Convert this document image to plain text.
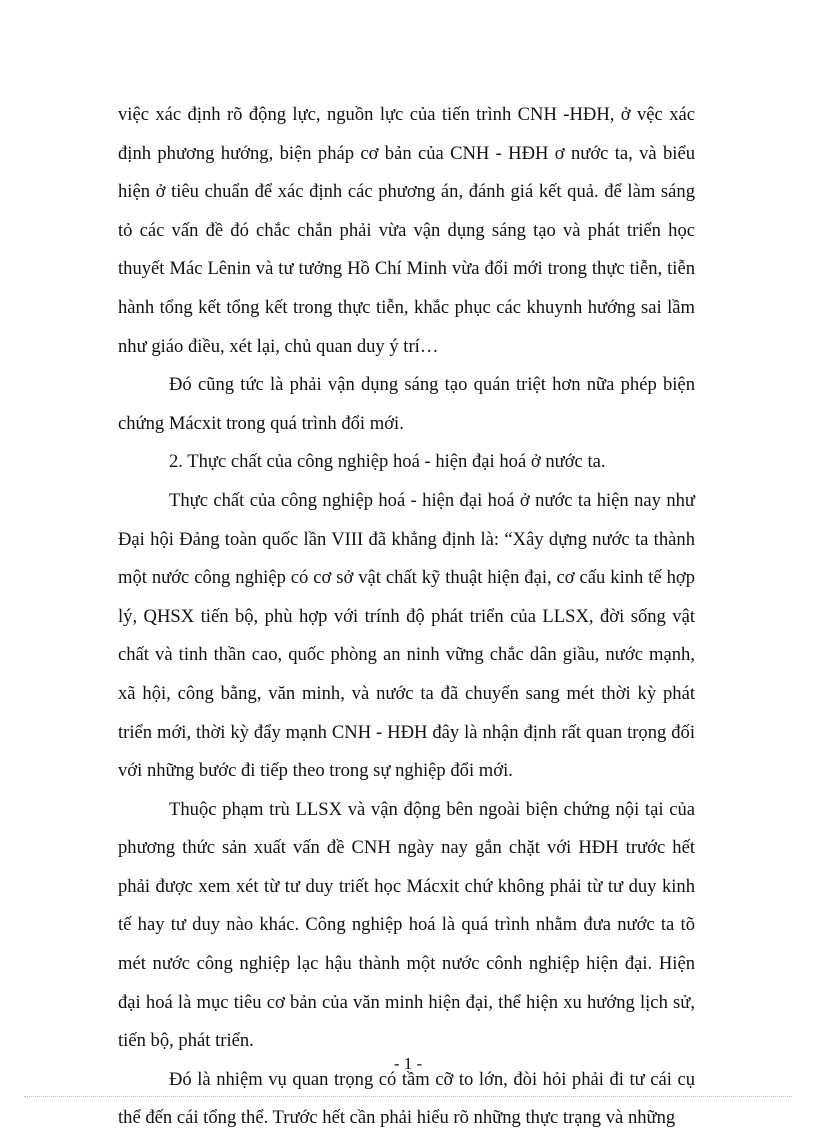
việc xác định rõ động lực, nguồn lực của tiến trình CNH -HĐH, ở vệc xác định phương hướng, biện pháp cơ bản của CNH - HĐH ơ nước ta, và biểu hiện ở tiêu chuẩn để xác định các phương án, đánh giá kết quả. để làm sáng tỏ các vấn đề đó chắc chắn phải vừa vận dụng sáng tạo và phát triển học thuyết Mác Lênin và tư tưởng Hồ Chí Minh vừa đổi mới trong thực tiễn, tiễn hành tổng kết tổng kết trong thực tiễn, khắc phục các khuynh hướng sai lầm như giáo điều, xét lại, chủ quan duy ý trí…

Đó cũng tức là phải vận dụng sáng tạo quán triệt hơn nữa phép biện chứng Mácxit trong quá trình đổi mới.

2. Thực chất của công nghiệp hoá - hiện đại hoá ở nước ta.

Thực chất của công nghiệp hoá - hiện đại hoá ở nước ta hiện nay như Đại hội Đảng toàn quốc lần VIII đã khẳng định là: “Xây dựng nước ta thành một nước công nghiệp có cơ sở vật chất kỹ thuật hiện đại, cơ cấu kinh tế hợp lý, QHSX tiến bộ, phù hợp với trính độ phát triển của LLSX, đời sống vật chất và tinh thần cao, quốc phòng an ninh vững chắc dân giầu, nước mạnh, xã hội, công bằng, văn minh, và nước ta đã chuyển sang mét thời kỳ phát triển mới, thời kỳ đẩy mạnh CNH - HĐH đây là nhận định rất quan trọng đối với những bước đi tiếp theo trong sự nghiệp đổi mới.

Thuộc phạm trù LLSX và vận động bên ngoài biện chứng nội tại của phương thức sản xuất vấn đề CNH ngày nay gắn chặt với HĐH trước hết phải được xem xét từ tư duy triết học Mácxit chứ không phải từ tư duy kinh tế hay tư duy nào khác. Công nghiệp hoá là quá trình nhằm đưa nước ta tõ mét nước công nghiệp lạc hậu thành một nước cônh nghiệp hiện đại. Hiện đại hoá là mục tiêu cơ bản của văn minh hiện đại, thể hiện xu hướng lịch sử, tiến bộ, phát triển.

Đó là nhiệm vụ quan trọng có tầm cỡ to lớn, đòi hỏi phải đi tư cái cụ thể đến cái tổng thể. Trước hết cần phải hiểu rõ những thực trạng và những

- 1 -
